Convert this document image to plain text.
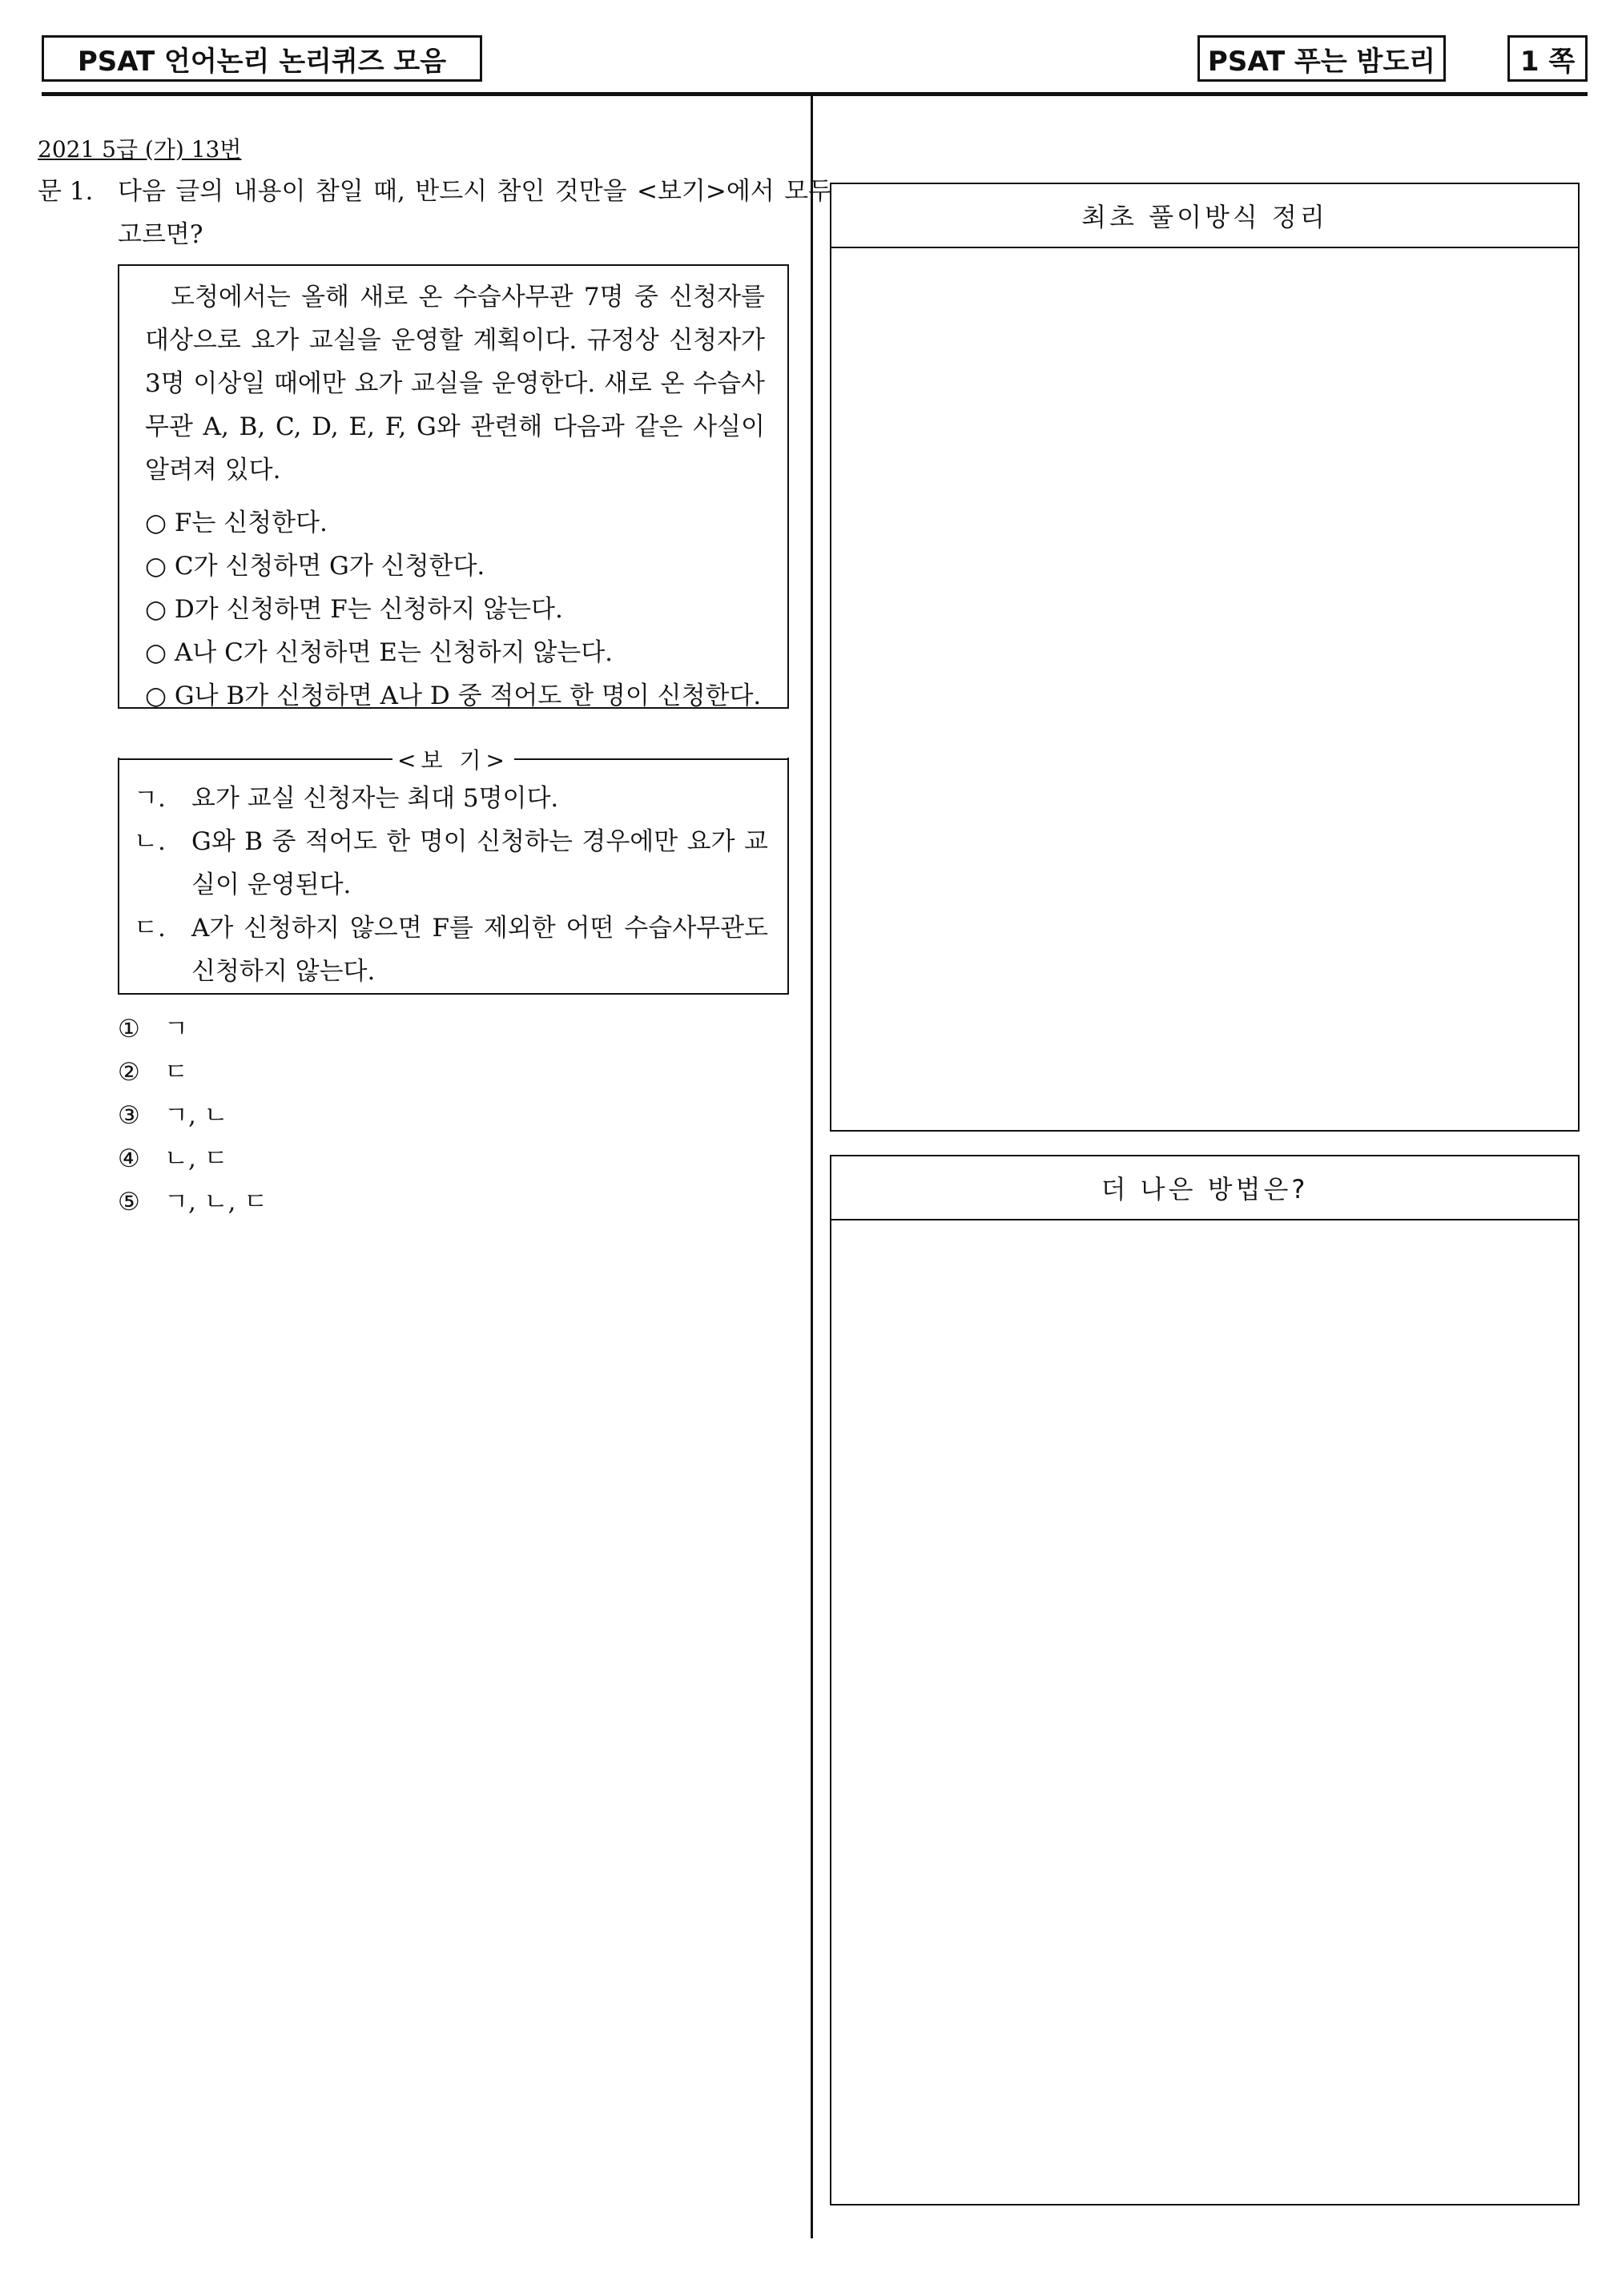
PSAT 언어논리 논리퀴즈 모음	PSAT 푸는 밤도리	1 쪽
2021 5급 (가) 13번
문 1. 다음 글의 내용이 참일 때, 반드시 참인 것만을 <보기>에서 모두 고르면?

도청에서는 올해 새로 온 수습사무관 7명 중 신청자를 대상으로 요가 교실을 운영할 계획이다. 규정상 신청자가 3명 이상일 때에만 요가 교실을 운영한다. 새로 온 수습사무관 A, B, C, D, E, F, G와 관련해 다음과 같은 사실이 알려져 있다.

○ F는 신청한다.
○ C가 신청하면 G가 신청한다.
○ D가 신청하면 F는 신청하지 않는다.
○ A나 C가 신청하면 E는 신청하지 않는다.
○ G나 B가 신청하면 A나 D 중 적어도 한 명이 신청한다.
<보 기>
ㄱ. 요가 교실 신청자는 최대 5명이다.
ㄴ. G와 B 중 적어도 한 명이 신청하는 경우에만 요가 교실이 운영된다.
ㄷ. A가 신청하지 않으면 F를 제외한 어떤 수습사무관도 신청하지 않는다.
① ㄱ
② ㄷ
③ ㄱ, ㄴ
④ ㄴ, ㄷ
⑤ ㄱ, ㄴ, ㄷ
최초 풀이방식 정리
더 나은 방법은?
